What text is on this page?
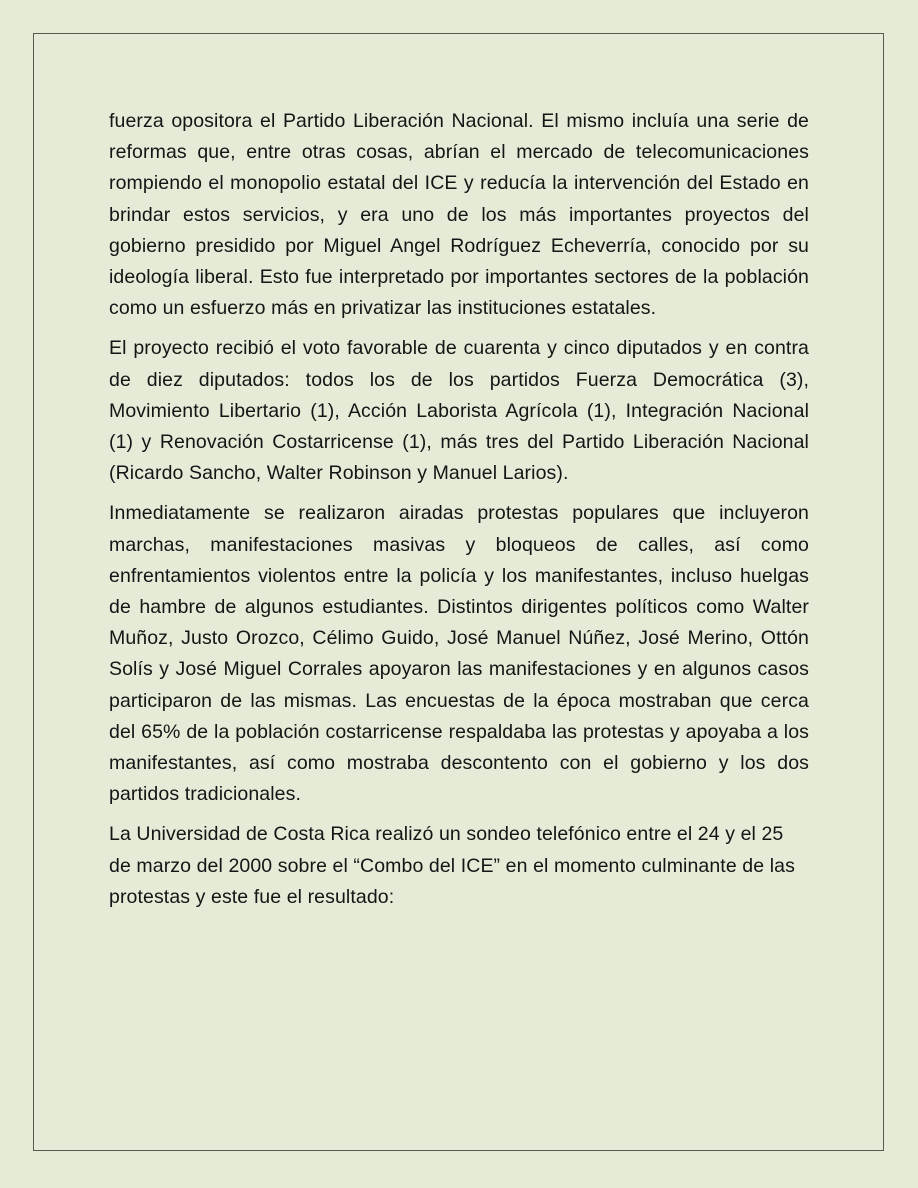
fuerza opositora el Partido Liberación Nacional. El mismo incluía una serie de reformas que, entre otras cosas, abrían el mercado de telecomunicaciones rompiendo el monopolio estatal del ICE y reducía la intervención del Estado en brindar estos servicios, y era uno de los más importantes proyectos del gobierno presidido por Miguel Angel Rodríguez Echeverría, conocido por su ideología liberal. Esto fue interpretado por importantes sectores de la población como un esfuerzo más en privatizar las instituciones estatales.

El proyecto recibió el voto favorable de cuarenta y cinco diputados y en contra de diez diputados: todos los de los partidos Fuerza Democrática (3), Movimiento Libertario (1), Acción Laborista Agrícola (1), Integración Nacional (1) y Renovación Costarricense (1), más tres del Partido Liberación Nacional (Ricardo Sancho, Walter Robinson y Manuel Larios).

Inmediatamente se realizaron airadas protestas populares que incluyeron marchas, manifestaciones masivas y bloqueos de calles, así como enfrentamientos violentos entre la policía y los manifestantes, incluso huelgas de hambre de algunos estudiantes. Distintos dirigentes políticos como Walter Muñoz, Justo Orozco, Célimo Guido, José Manuel Núñez, José Merino, Ottón Solís y José Miguel Corrales apoyaron las manifestaciones y en algunos casos participaron de las mismas. Las encuestas de la época mostraban que cerca del 65% de la población costarricense respaldaba las protestas y apoyaba a los manifestantes, así como mostraba descontento con el gobierno y los dos partidos tradicionales.

La Universidad de Costa Rica realizó un sondeo telefónico entre el 24 y el 25 de marzo del 2000 sobre el “Combo del ICE” en el momento culminante de las protestas y este fue el resultado:
